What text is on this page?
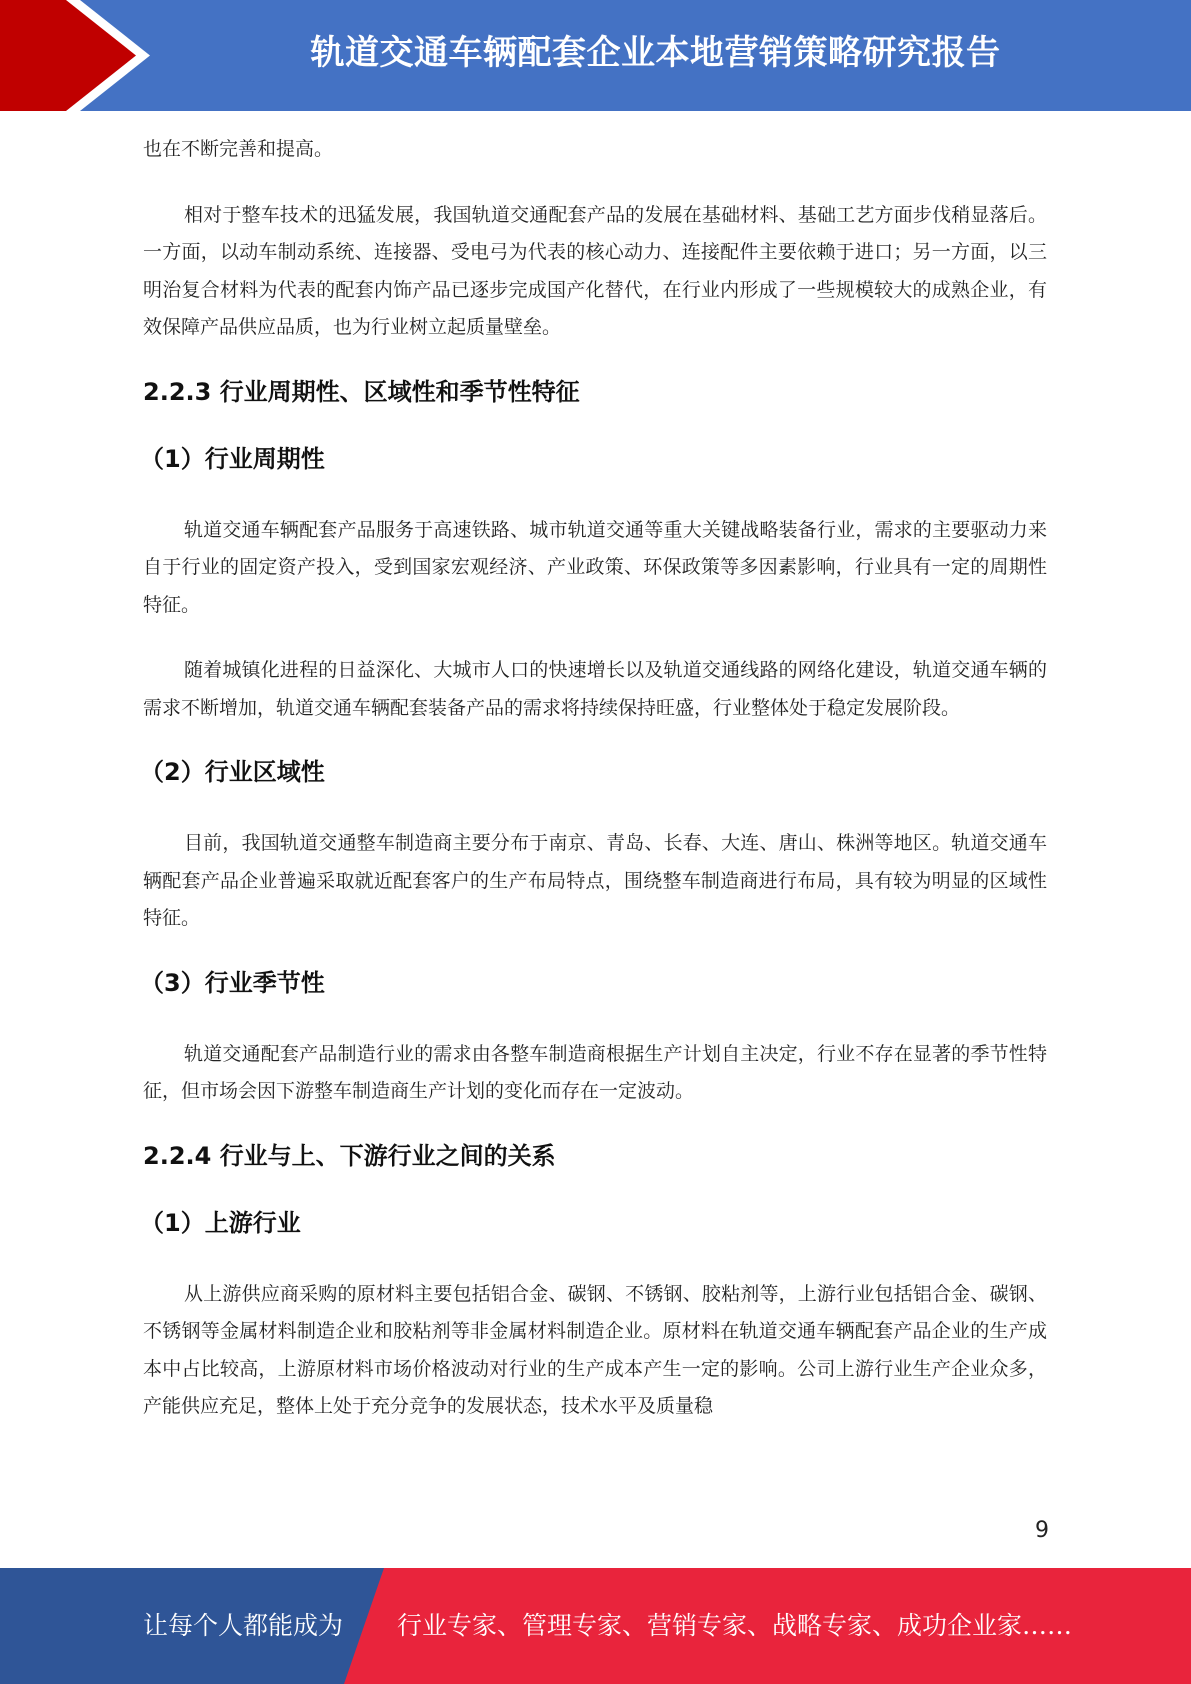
轨道交通车辆配套企业本地营销策略研究报告

也在不断完善和提高。

相对于整车技术的迅猛发展，我国轨道交通配套产品的发展在基础材料、基础工艺方面步伐稍显落后。一方面，以动车制动系统、连接器、受电弓为代表的核心动力、连接配件主要依赖于进口；另一方面，以三明治复合材料为代表的配套内饰产品已逐步完成国产化替代，在行业内形成了一些规模较大的成熟企业，有效保障产品供应品质，也为行业树立起质量壁垒。

2.2.3 行业周期性、区域性和季节性特征
（1）行业周期性

轨道交通车辆配套产品服务于高速铁路、城市轨道交通等重大关键战略装备行业，需求的主要驱动力来自于行业的固定资产投入，受到国家宏观经济、产业政策、环保政策等多因素影响，行业具有一定的周期性特征。

随着城镇化进程的日益深化、大城市人口的快速增长以及轨道交通线路的网络化建设，轨道交通车辆的需求不断增加，轨道交通车辆配套装备产品的需求将持续保持旺盛，行业整体处于稳定发展阶段。

（2）行业区域性

目前，我国轨道交通整车制造商主要分布于南京、青岛、长春、大连、唐山、株洲等地区。轨道交通车辆配套产品企业普遍采取就近配套客户的生产布局特点，围绕整车制造商进行布局，具有较为明显的区域性特征。

（3）行业季节性

轨道交通配套产品制造行业的需求由各整车制造商根据生产计划自主决定，行业不存在显著的季节性特征，但市场会因下游整车制造商生产计划的变化而存在一定波动。

2.2.4 行业与上、下游行业之间的关系
（1）上游行业

从上游供应商采购的原材料主要包括铝合金、碳钢、不锈钢、胶粘剂等，上游行业包括铝合金、碳钢、不锈钢等金属材料制造企业和胶粘剂等非金属材料制造企业。原材料在轨道交通车辆配套产品企业的生产成本中占比较高，上游原材料市场价格波动对行业的生产成本产生一定的影响。公司上游行业生产企业众多，产能供应充足，整体上处于充分竞争的发展状态，技术水平及质量稳

9
让每个人都能成为 行业专家、管理专家、营销专家、战略专家、成功企业家……
